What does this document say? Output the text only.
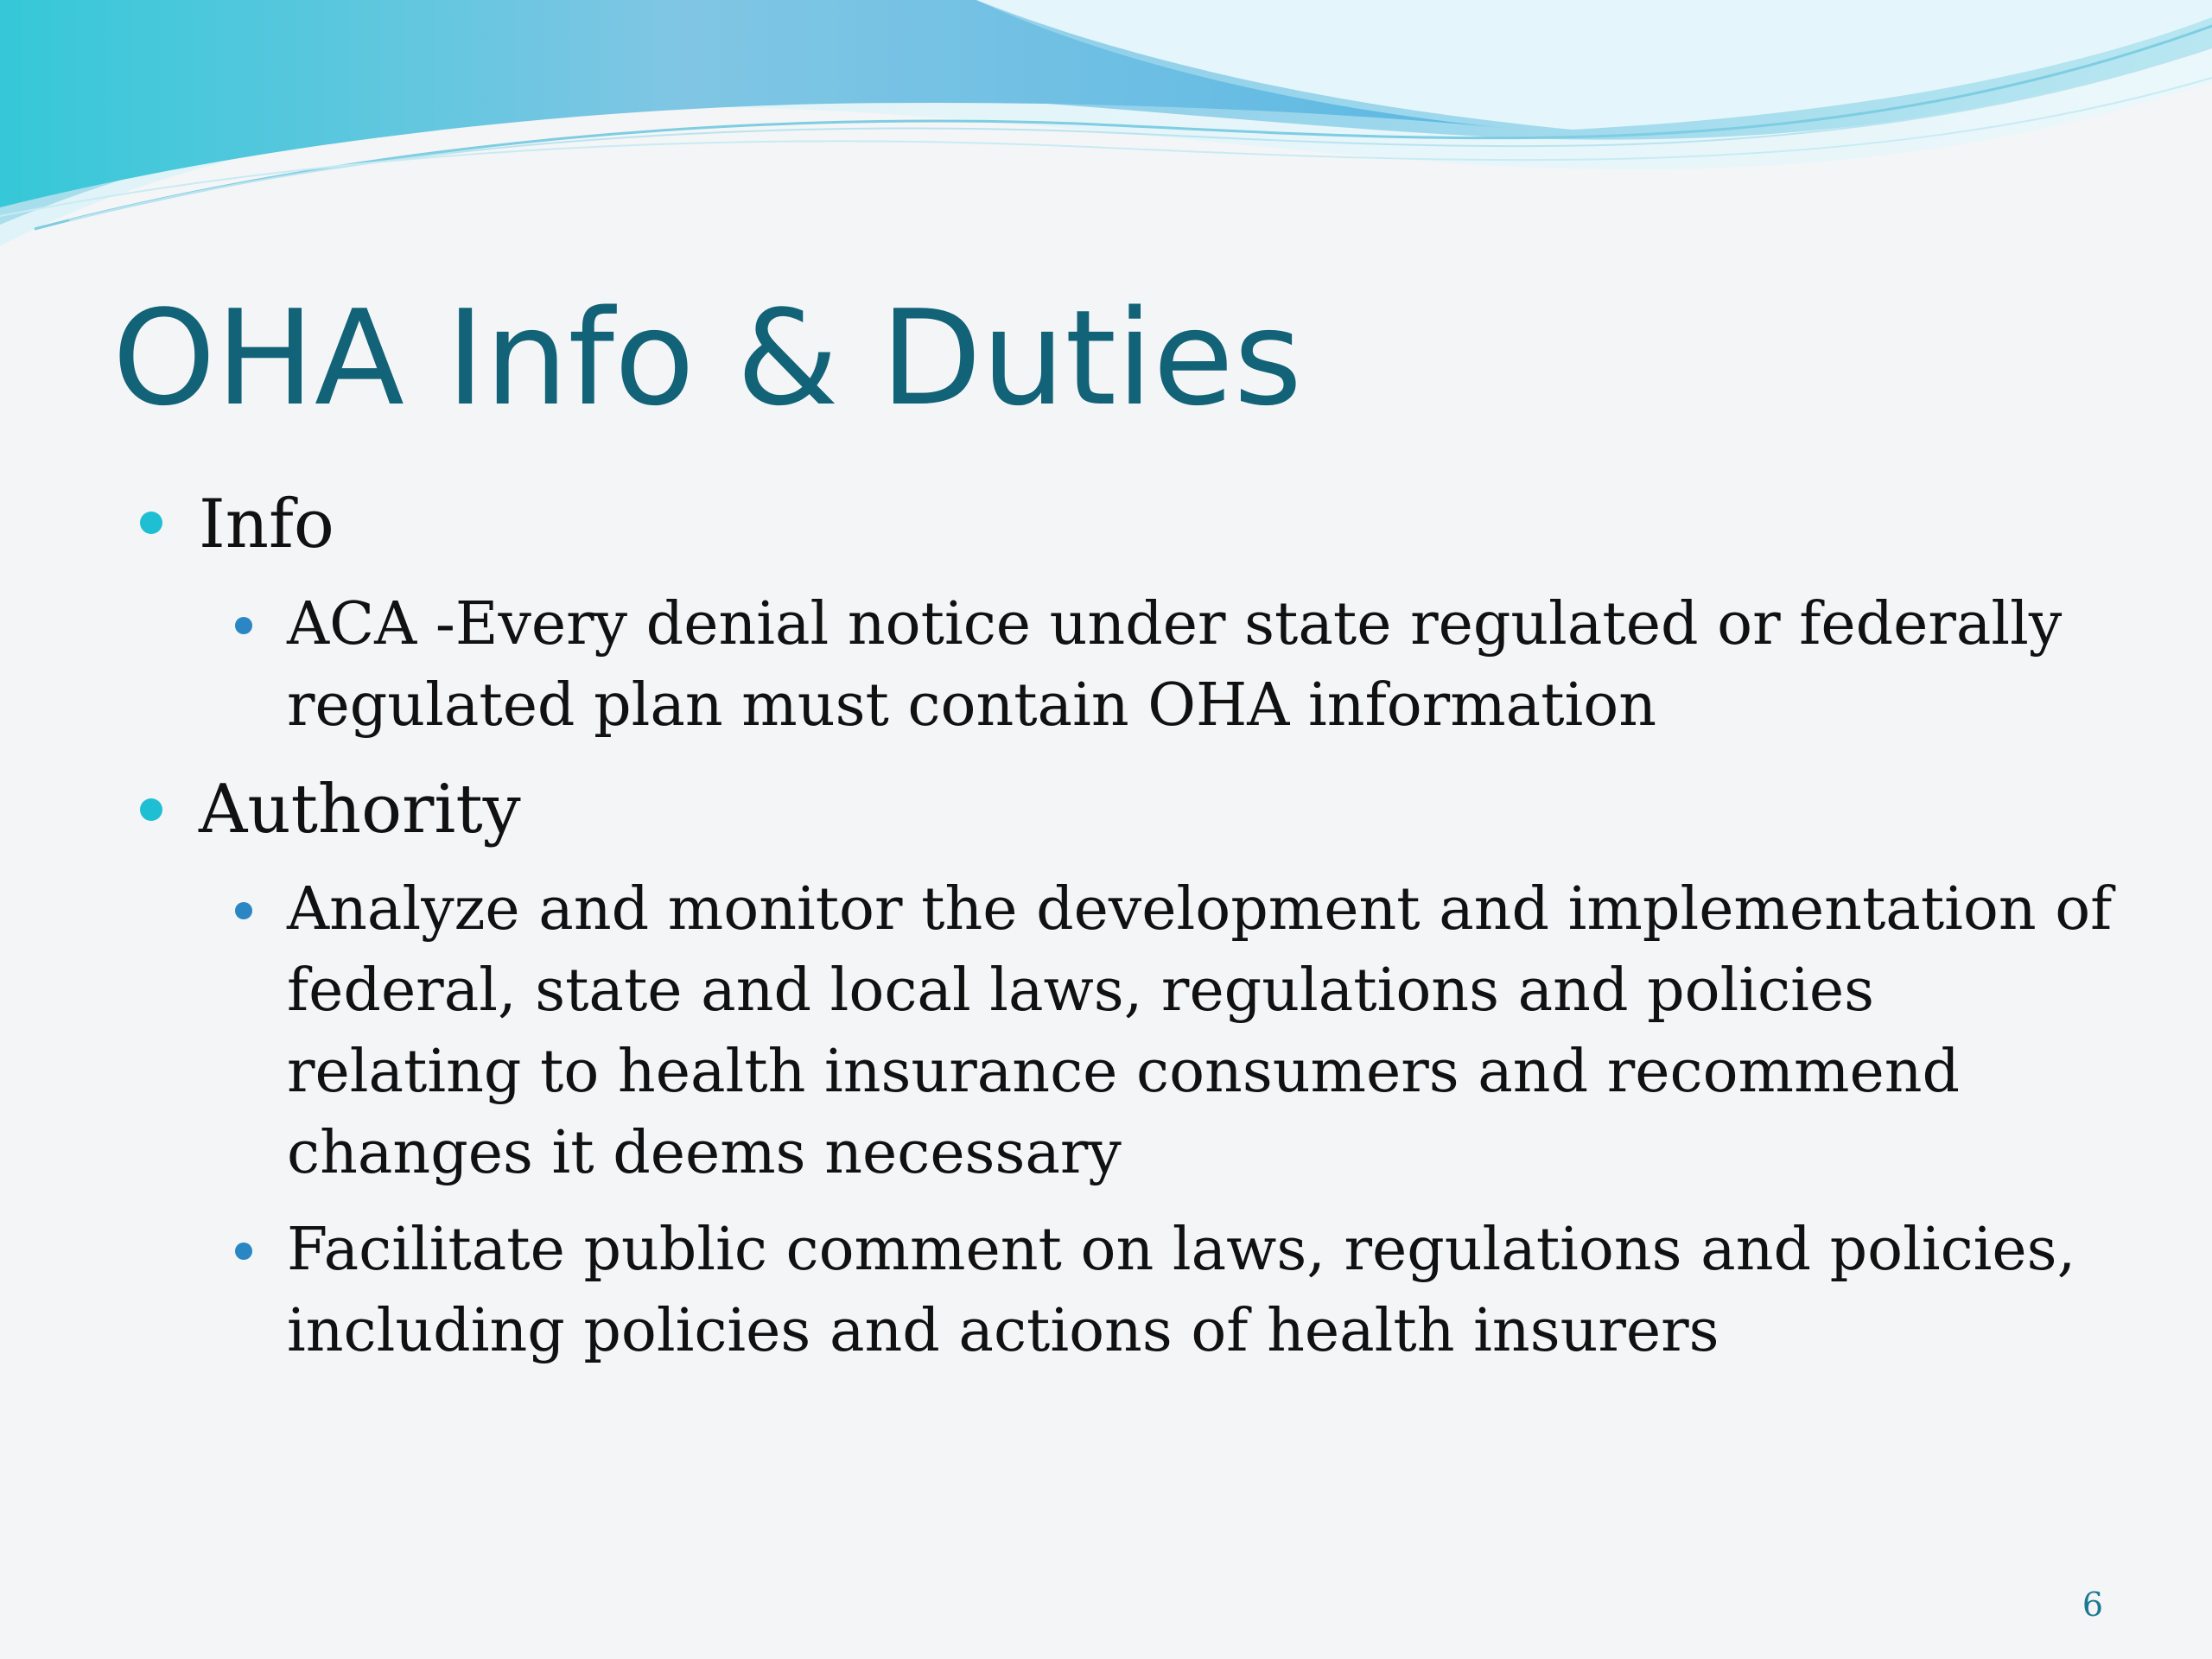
OHA Info & Duties

Info

ACA -Every denial notice under state regulated or federally regulated plan must contain OHA information

Authority

Analyze and monitor the development and implementation of federal, state and local laws, regulations and policies relating to health insurance consumers and recommend changes it deems necessary

Facilitate public comment on laws, regulations and policies, including policies and actions of health insurers

6
